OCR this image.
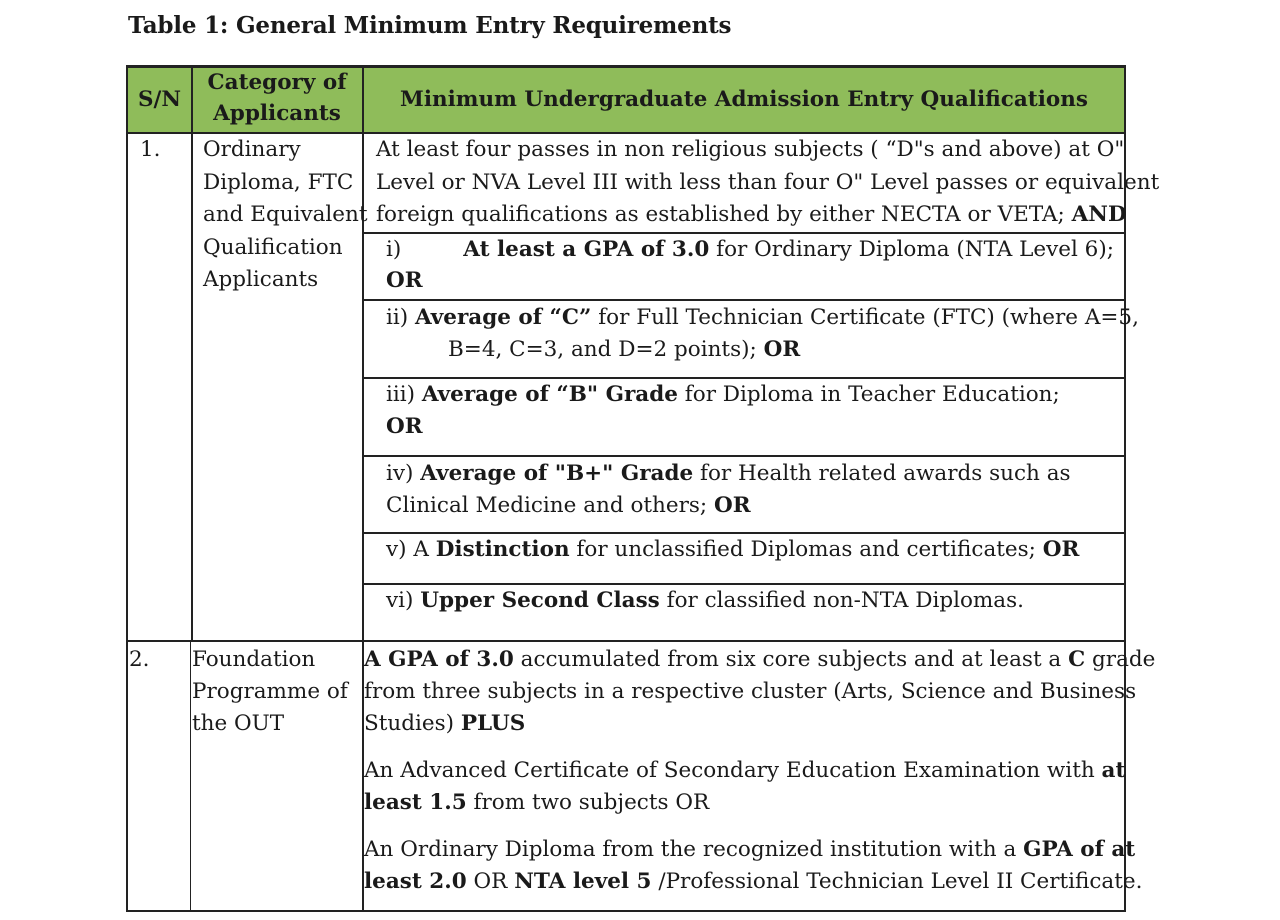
Table 1: General Minimum Entry Requirements
S/N
Category of
Applicants
Minimum Undergraduate Admission Entry Qualifications
1. Ordinary
Diploma, FTC
and Equivalent
Qualification
Applicants
At least four passes in non religious subjects ( “D"s and above) at O"
Level or NVA Level III with less than four O" Level passes or equivalent
foreign qualifications as established by either NECTA or VETA; AND
i)	At least a GPA of 3.0 for Ordinary Diploma (NTA Level 6);
OR
ii) Average of “C” for Full Technician Certificate (FTC) (where A=5,
B=4, C=3, and D=2 points); OR
iii) Average of “B" Grade for Diploma in Teacher Education;
OR
iv) Average of "B+" Grade for Health related awards such as
Clinical Medicine and others; OR
v) A Distinction for unclassified Diplomas and certificates; OR
vi) Upper Second Class for classified non-NTA Diplomas.
2. Foundation
Programme of
the OUT
A GPA of 3.0 accumulated from six core subjects and at least a C grade
from three subjects in a respective cluster (Arts, Science and Business
Studies) PLUS
An Advanced Certificate of Secondary Education Examination with at
least 1.5 from two subjects OR
An Ordinary Diploma from the recognized institution with a GPA of at
least 2.0 OR NTA level 5 /Professional Technician Level II Certificate.
